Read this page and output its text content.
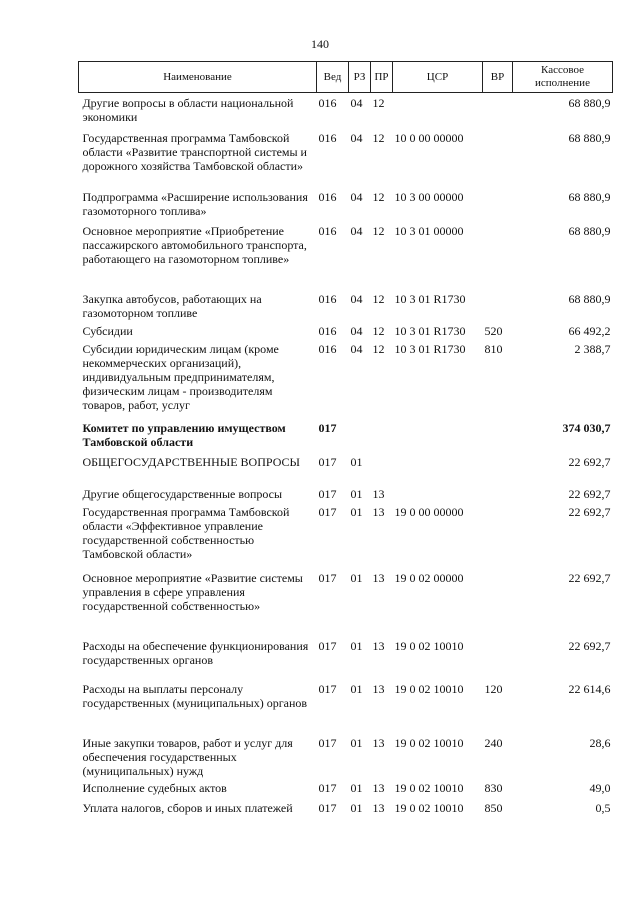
140
Наименование	Вед	РЗ	ПР	ЦСР	ВР	Кассовое исполнение
Другие вопросы в области национальной экономики	016	04	12			68 880,9
Государственная программа Тамбовской области «Развитие транспортной системы и дорожного хозяйства Тамбовской области»	016	04	12	10 0 00 00000		68 880,9
Подпрограмма «Расширение использования газомоторного топлива»	016	04	12	10 3 00 00000		68 880,9
Основное мероприятие «Приобретение пассажирского автомобильного транспорта, работающего на газомоторном топливе»	016	04	12	10 3 01 00000		68 880,9
Закупка автобусов, работающих на газомоторном топливе	016	04	12	10 3 01 R1730		68 880,9
Субсидии	016	04	12	10 3 01 R1730	520	66 492,2
Субсидии юридическим лицам (кроме некоммерческих организаций), индивидуальным предпринимателям, физическим лицам - производителям товаров, работ, услуг	016	04	12	10 3 01 R1730	810	2 388,7
Комитет по управлению имуществом Тамбовской области	017					374 030,7
ОБЩЕГОСУДАРСТВЕННЫЕ ВОПРОСЫ	017	01				22 692,7
Другие общегосударственные вопросы	017	01	13			22 692,7
Государственная программа Тамбовской области «Эффективное управление государственной собственностью Тамбовской области»	017	01	13	19 0 00 00000		22 692,7
Основное мероприятие «Развитие системы управления в сфере управления государственной собственностью»	017	01	13	19 0 02 00000		22 692,7
Расходы на обеспечение функционирования государственных органов	017	01	13	19 0 02 10010		22 692,7
Расходы на выплаты персоналу государственных (муниципальных) органов	017	01	13	19 0 02 10010	120	22 614,6
Иные закупки товаров, работ и услуг для обеспечения государственных (муниципальных) нужд	017	01	13	19 0 02 10010	240	28,6
Исполнение судебных актов	017	01	13	19 0 02 10010	830	49,0
Уплата налогов, сборов и иных платежей	017	01	13	19 0 02 10010	850	0,5
